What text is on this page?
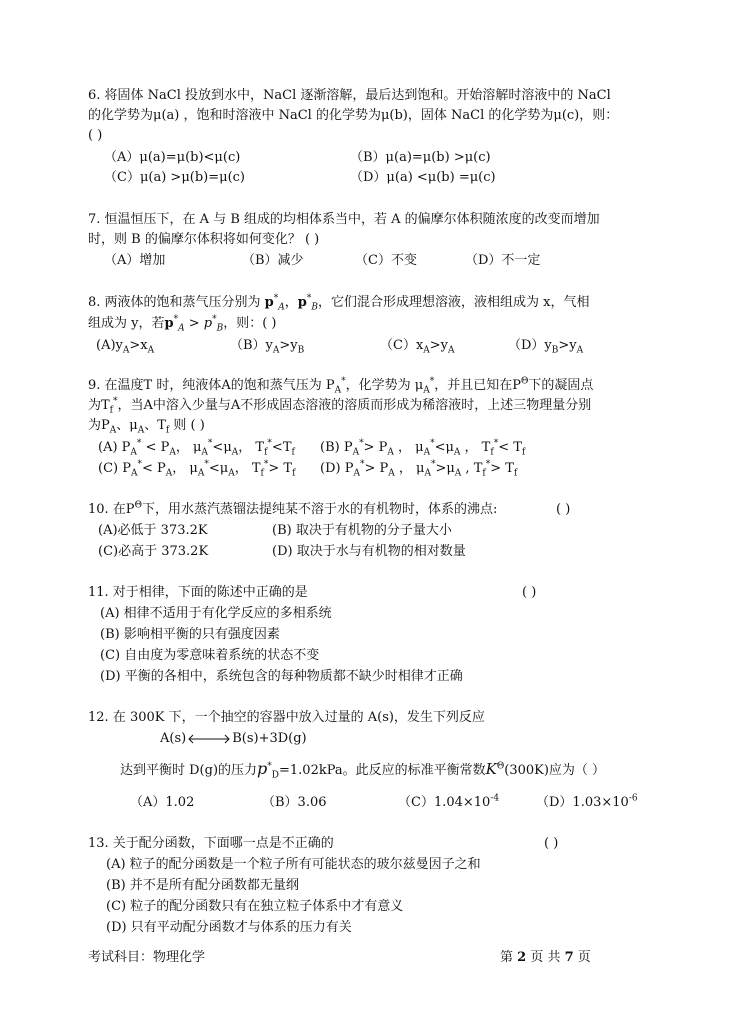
6. 将固体 NaCl 投放到水中，NaCl 逐渐溶解，最后达到饱和。开始溶解时溶液中的 NaCl
的化学势为μ(a) ，饱和时溶液中 NaCl 的化学势为μ(b)，固体 NaCl 的化学势为μ(c)，则：
( )
（A）μ(a)=μ(b)<μ(c)	（B）μ(a)=μ(b) >μ(c)
（C）μ(a) >μ(b)=μ(c)	（D）μ(a) <μ(b) =μ(c)
7. 恒温恒压下，在 A 与 B 组成的均相体系当中，若 A 的偏摩尔体积随浓度的改变而增加
时，则 B 的偏摩尔体积将如何变化？ ( )
（A）增加	（B）减少	（C）不变	（D）不一定
8. 两液体的饱和蒸气压分别为 $p^*_A$，$p^*_B$，它们混合形成理想溶液，液相组成为 x，气相
组成为 y，若$p^*_A > p^*_B$，则：( )
$(A)y_A>x_A$	$(B)y_A>y_B$	$(C)x_A>y_A$	$(D)y_B>y_A$
9. 在温度T 时，纯液体A的饱和蒸气压为 $P_A^*$，化学势为 $\mu_A^*$，并且已知在$P^\Theta$下的凝固点
为$T_f^*$，当A中溶入少量与A不形成固态溶液的溶质而形成为稀溶液时，上述三物理量分别
为$P_A$、$\mu_A$、$T_f$ 则 ( )
(A) $P_A^* < P_A$， $\mu_A^*<\mu_A$， $T_f^*<T_f$ (B) $P_A^*> P_A$ ， $\mu_A^*<\mu_A$ ， $T_f^*< T_f$
(C) $P_A^*< P_A$， $\mu_A^*<\mu_A$， $T_f^*> T_f$ (D) $P_A^*> P_A$ ， $\mu_A^*>\mu_A$ , $T_f^*> T_f$
10. 在$P^\Theta$下，用水蒸汽蒸镏法提纯某不溶于水的有机物时，体系的沸点:	( )
(A)必低于 373.2K	(B) 取决于有机物的分子量大小
(C)必高于 373.2K	(D) 取决于水与有机物的相对数量
11. 对于相律，下面的陈述中正确的是	( )
(A) 相律不适用于有化学反应的多相系统
(B) 影响相平衡的只有强度因素
(C) 自由度为零意味着系统的状态不变
(D) 平衡的各相中，系统包含的每种物质都不缺少时相律才正确
12. 在 300K 下，一个抽空的容器中放入过量的 A(s)，发生下列反应
A(s)	B(s)+3D(g)
达到平衡时 D(g)的压力$p^*_D=1.02kPa$。此反应的标准平衡常数$K^\Theta(300K)$应为（ ）
（A）1.02	（B）3.06	$(C)1.04\times 10^{-4}$	$(D)1.03\times 10^{-6}$
13. 关于配分函数，下面哪一点是不正确的	( )
(A) 粒子的配分函数是一个粒子所有可能状态的玻尔兹曼因子之和
(B) 并不是所有配分函数都无量纲
(C) 粒子的配分函数只有在独立粒子体系中才有意义
(D) 只有平动配分函数才与体系的压力有关
考试科目：物理化学	第 2 页 共 7 页
